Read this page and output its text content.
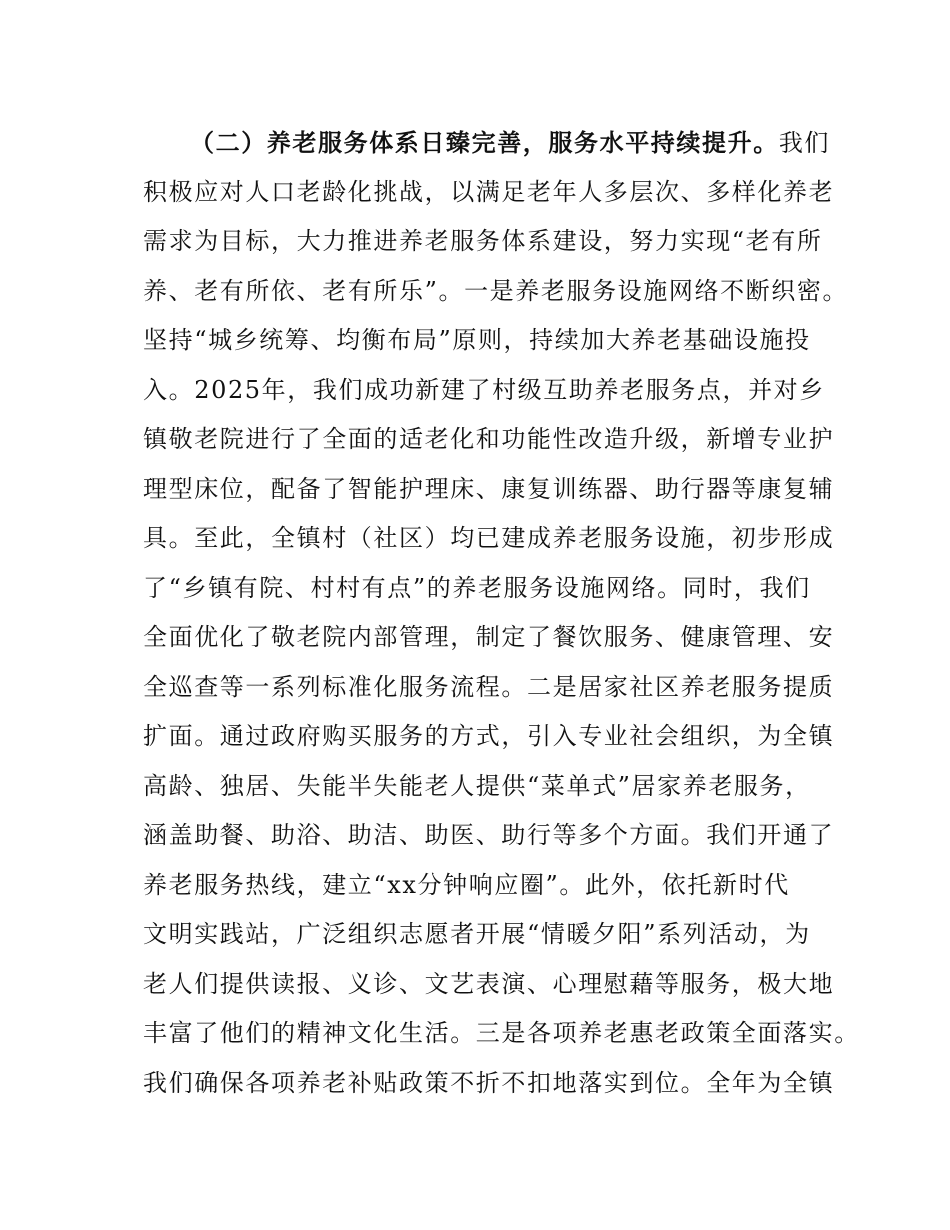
（二）养老服务体系日臻完善，服务水平持续提升。我们
积极应对人口老龄化挑战，以满足老年人多层次、多样化养老
需求为目标，大力推进养老服务体系建设，努力实现“老有所
养、老有所依、老有所乐”。一是养老服务设施网络不断织密。
坚持“城乡统筹、均衡布局”原则，持续加大养老基础设施投
入。2025年，我们成功新建了村级互助养老服务点，并对乡
镇敬老院进行了全面的适老化和功能性改造升级，新增专业护
理型床位，配备了智能护理床、康复训练器、助行器等康复辅
具。至此，全镇村（社区）均已建成养老服务设施，初步形成
了“乡镇有院、村村有点”的养老服务设施网络。同时，我们
全面优化了敬老院内部管理，制定了餐饮服务、健康管理、安
全巡查等一系列标准化服务流程。二是居家社区养老服务提质
扩面。通过政府购买服务的方式，引入专业社会组织，为全镇
高龄、独居、失能半失能老人提供“菜单式”居家养老服务，
涵盖助餐、助浴、助洁、助医、助行等多个方面。我们开通了
养老服务热线，建立“xx分钟响应圈”。此外，依托新时代
文明实践站，广泛组织志愿者开展“情暖夕阳”系列活动，为
老人们提供读报、义诊、文艺表演、心理慰藉等服务，极大地
丰富了他们的精神文化生活。三是各项养老惠老政策全面落实。
我们确保各项养老补贴政策不折不扣地落实到位。全年为全镇
